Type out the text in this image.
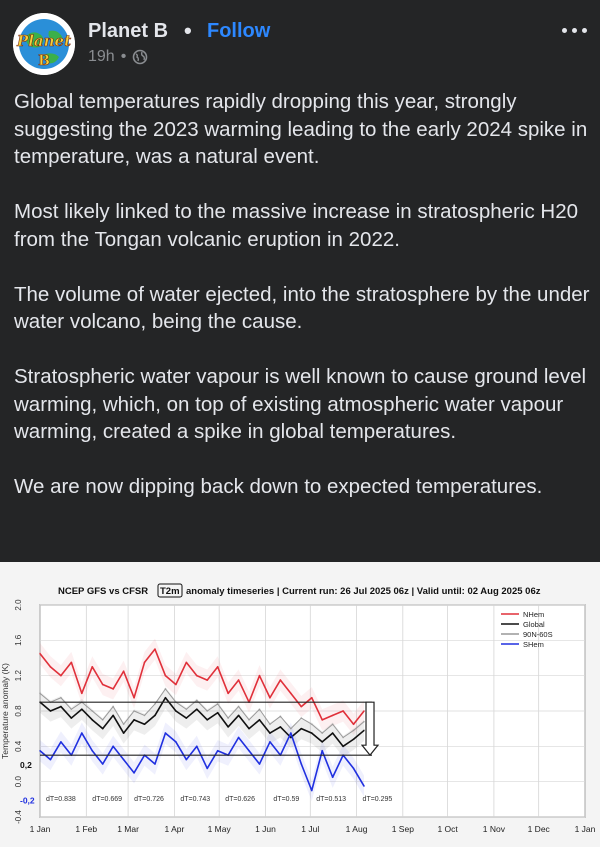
Planet
B
Planet B • Follow
19h •

Global temperatures rapidly dropping this year, strongly suggesting the 2023 warming leading to the early 2024 spike in temperature, was a natural event.

Most likely linked to the massive increase in stratospheric H20 from the Tongan volcanic eruption in 2022.

The volume of water ejected, into the stratosphere by the under water volcano, being the cause.

Stratospheric water vapour is well known to cause ground level warming, which, on top of existing atmospheric water vapour warming, created a spike in global temperatures.

We are now dipping back down to expected temperatures.

NCEP GFS vs CFSR T2m anomaly timeseries | Current run: 26 Jul 2025 06z | Valid until: 02 Aug 2025 06z
-0.4
0.0
0.4
0.8
1.2
1.6
2.0
1 Jan	1 Feb 1 Mar	1 Apr	1 May	1 Jun	1 Jul	1 Aug	1 Sep	1 Oct	1 Nov	1 Dec	1 Jan
0,2
-0,2 dT=0.838 dT=0.669 dT=0.726 dT=0.743 dT=0.626	dT=0.59 dT=0.513 dT=0.295
NHem
Global
90N-60S
SHem
Temperature anomaly (K)
